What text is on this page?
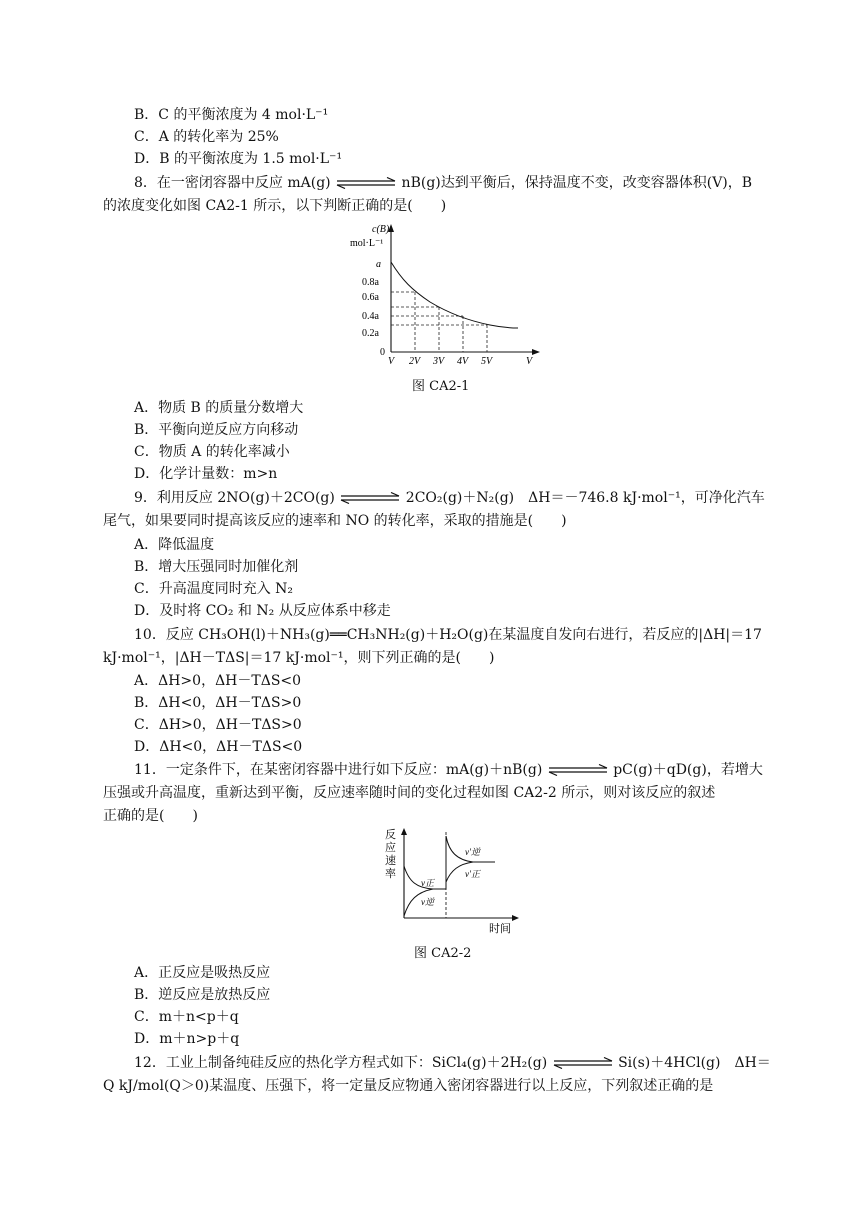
B．C 的平衡浓度为 4 mol·L⁻¹
C．A 的转化率为 25%
D．B 的平衡浓度为 1.5 mol·L⁻¹
8．在一密闭容器中反应 mA(g)	nB(g)达到平衡后，保持温度不变，改变容器体积(V)，B
的浓度变化如图 CA2-1 所示，以下判断正确的是(　　)
c(B)
mol·L⁻¹
a
0.8a
0.6a
0.4a
0.2a
0
V 2V 3V 4V 5V	V
图 CA2-1
A．物质 B 的质量分数增大
B．平衡向逆反应方向移动
C．物质 A 的转化率减小
D．化学计量数：m>n
9．利用反应 2NO(g)＋2CO(g)	2CO₂(g)＋N₂(g)　ΔH＝－746.8 kJ·mol⁻¹，可净化汽车
尾气，如果要同时提高该反应的速率和 NO 的转化率，采取的措施是(　　)
A．降低温度
B．增大压强同时加催化剂
C．升高温度同时充入 N₂
D．及时将 CO₂ 和 N₂ 从反应体系中移走
10．反应 CH₃OH(l)＋NH₃(g)══CH₃NH₂(g)＋H₂O(g)在某温度自发向右进行，若反应的|ΔH|＝17
kJ·mol⁻¹，|ΔH－TΔS|＝17 kJ·mol⁻¹，则下列正确的是(　　)
A．ΔH>0，ΔH－TΔS<0
B．ΔH<0，ΔH－TΔS>0
C．ΔH>0，ΔH－TΔS>0
D．ΔH<0，ΔH－TΔS<0
11．一定条件下，在某密闭容器中进行如下反应：mA(g)＋nB(g)	pC(g)＋qD(g)，若增大
压强或升高温度，重新达到平衡，反应速率随时间的变化过程如图 CA2-2 所示，则对该反应的叙述
正确的是(　　)
反
应
速
率
v正
v逆
v′逆
v′正
时间
图 CA2-2
A．正反应是吸热反应
B．逆反应是放热反应
C．m＋n<p＋q
D．m＋n>p＋q
12．工业上制备纯硅反应的热化学方程式如下：SiCl₄(g)＋2H₂(g)	Si(s)＋4HCl(g)　ΔH＝
Q kJ/mol(Q＞0)某温度、压强下，将一定量反应物通入密闭容器进行以上反应，下列叙述正确的是
